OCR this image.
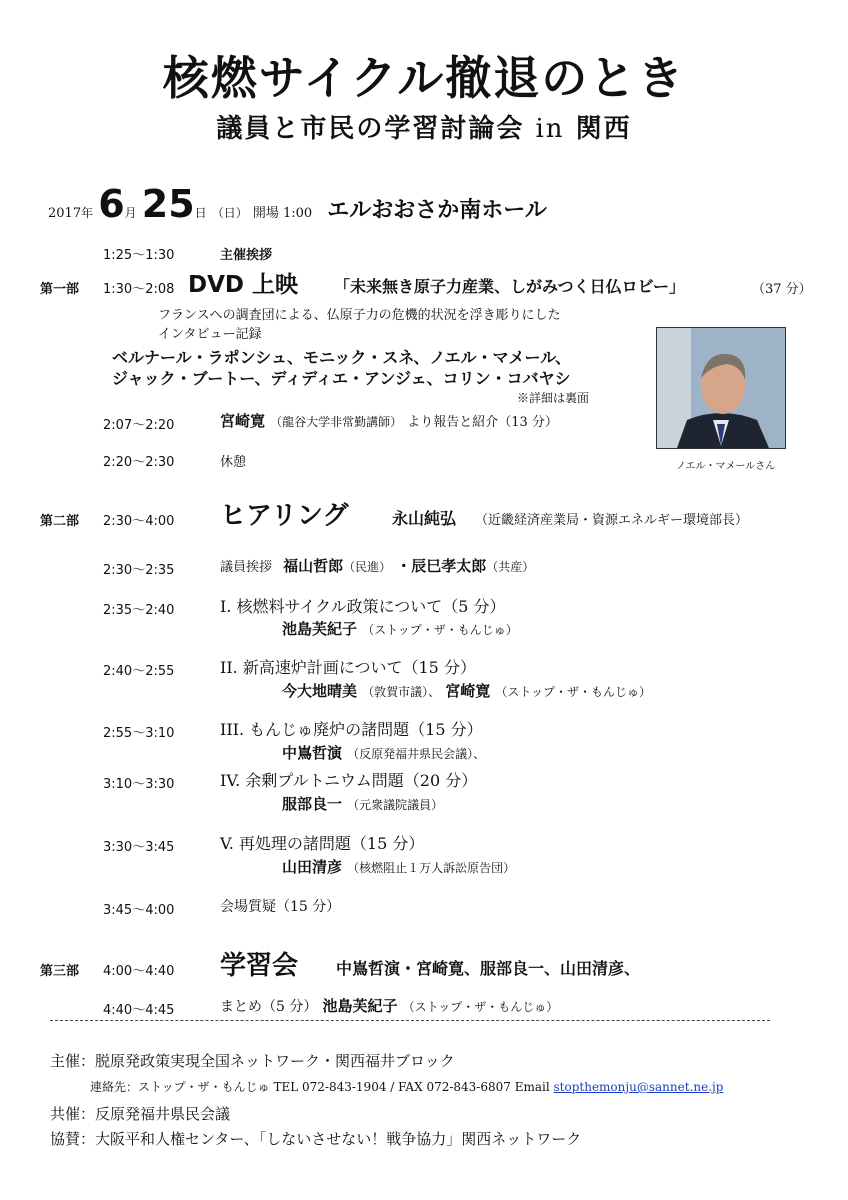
核燃サイクル撤退のとき
議員と市民の学習討論会 in 関西
2017年 6月 25日 （日） 開場 1:00 エルおおさか南ホール
1:25～1:30	主催挨拶
第一部 1:30～2:08 DVD 上映 「未来無き原子力産業、しがみつく日仏ロビー」	（37 分）
フランスへの調査団による、仏原子力の危機的状況を浮き彫りにした
インタビュー記録
ベルナール・ラポンシュ、モニック・スネ、ノエル・マメール、
ジャック・ブートー、ディディエ・アンジェ、コリン・コバヤシ
※詳細は裏面
ノエル・マメールさん
2:07～2:20	宮崎寛 （龍谷大学非常勤講師） より報告と紹介（13 分）
2:20～2:30	休憩
第二部 2:30～4:00 ヒアリング	永山純弘 （近畿経済産業局・資源エネルギー環境部長）
2:30～2:35	議員挨拶 福山哲郎（民進） ・辰巳孝太郎（共産）
2:35～2:40	I. 核燃料サイクル政策について（5 分）
池島芙紀子 （ストップ・ザ・もんじゅ）
2:40～2:55	II. 新高速炉計画について（15 分）
今大地晴美 （敦賀市議）、 宮崎寛 （ストップ・ザ・もんじゅ）
2:55～3:10	III. もんじゅ廃炉の諸問題（15 分）
中嶌哲演 （反原発福井県民会議）、
3:10～3:30	IV. 余剰プルトニウム問題（20 分）
服部良一 （元衆議院議員）
3:30～3:45	V. 再処理の諸問題（15 分）
山田清彦 （核燃阻止１万人訴訟原告団）
3:45～4:00	会場質疑（15 分）
第三部 4:00～4:40 学習会 中嶌哲演・宮崎寛、服部良一、山田清彦、
4:40～4:45	まとめ（5 分） 池島芙紀子 （ストップ・ザ・もんじゅ）
主催：脱原発政策実現全国ネットワーク・関西福井ブロック
連絡先：ストップ・ザ・もんじゅ TEL 072-843-1904 / FAX 072-843-6807 Email stopthemonju@sannet.ne.jp
共催：反原発福井県民会議
協賛：大阪平和人権センター、「しないさせない！戦争協力」関西ネットワーク
